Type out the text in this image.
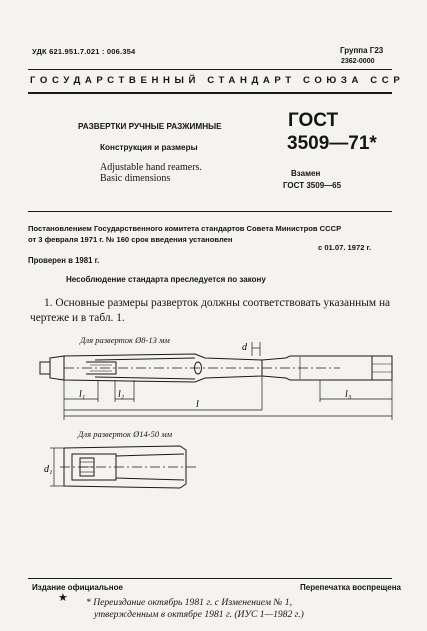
УДК 621.951.7.021 : 006.354	Группа Г23
2362-0000
ГОСУДАРСТВЕННЫЙ СТАНДАРТ СОЮЗА ССР
РАЗВЕРТКИ РУЧНЫЕ РАЗЖИМНЫЕ
Конструкция и размеры
Adjustable hand reamers.
Basic dimensions
ГОСТ
3509—71*
Взамен
ГОСТ 3509—65
Постановлением Государственного комитета стандартов Совета Министров СССР
от 3 февраля 1971 г. № 160 срок введения установлен
с 01.07. 1972 г.
Проверен в 1981 г.
Несоблюдение стандарта преследуется по закону
1. Основные размеры разверток должны соответствовать указанным на чертеже и в табл. 1.
Для разверток Ø8-13 мм
Для разверток Ø14-50 мм
l₁	l₂
l
l₃
d
d₁
Издание официальное	Перепечатка воспрещена
★ * Переиздание октябрь 1981 г. с Изменением № 1,
утвержденным в октябре 1981 г. (ИУС 1—1982 г.)
